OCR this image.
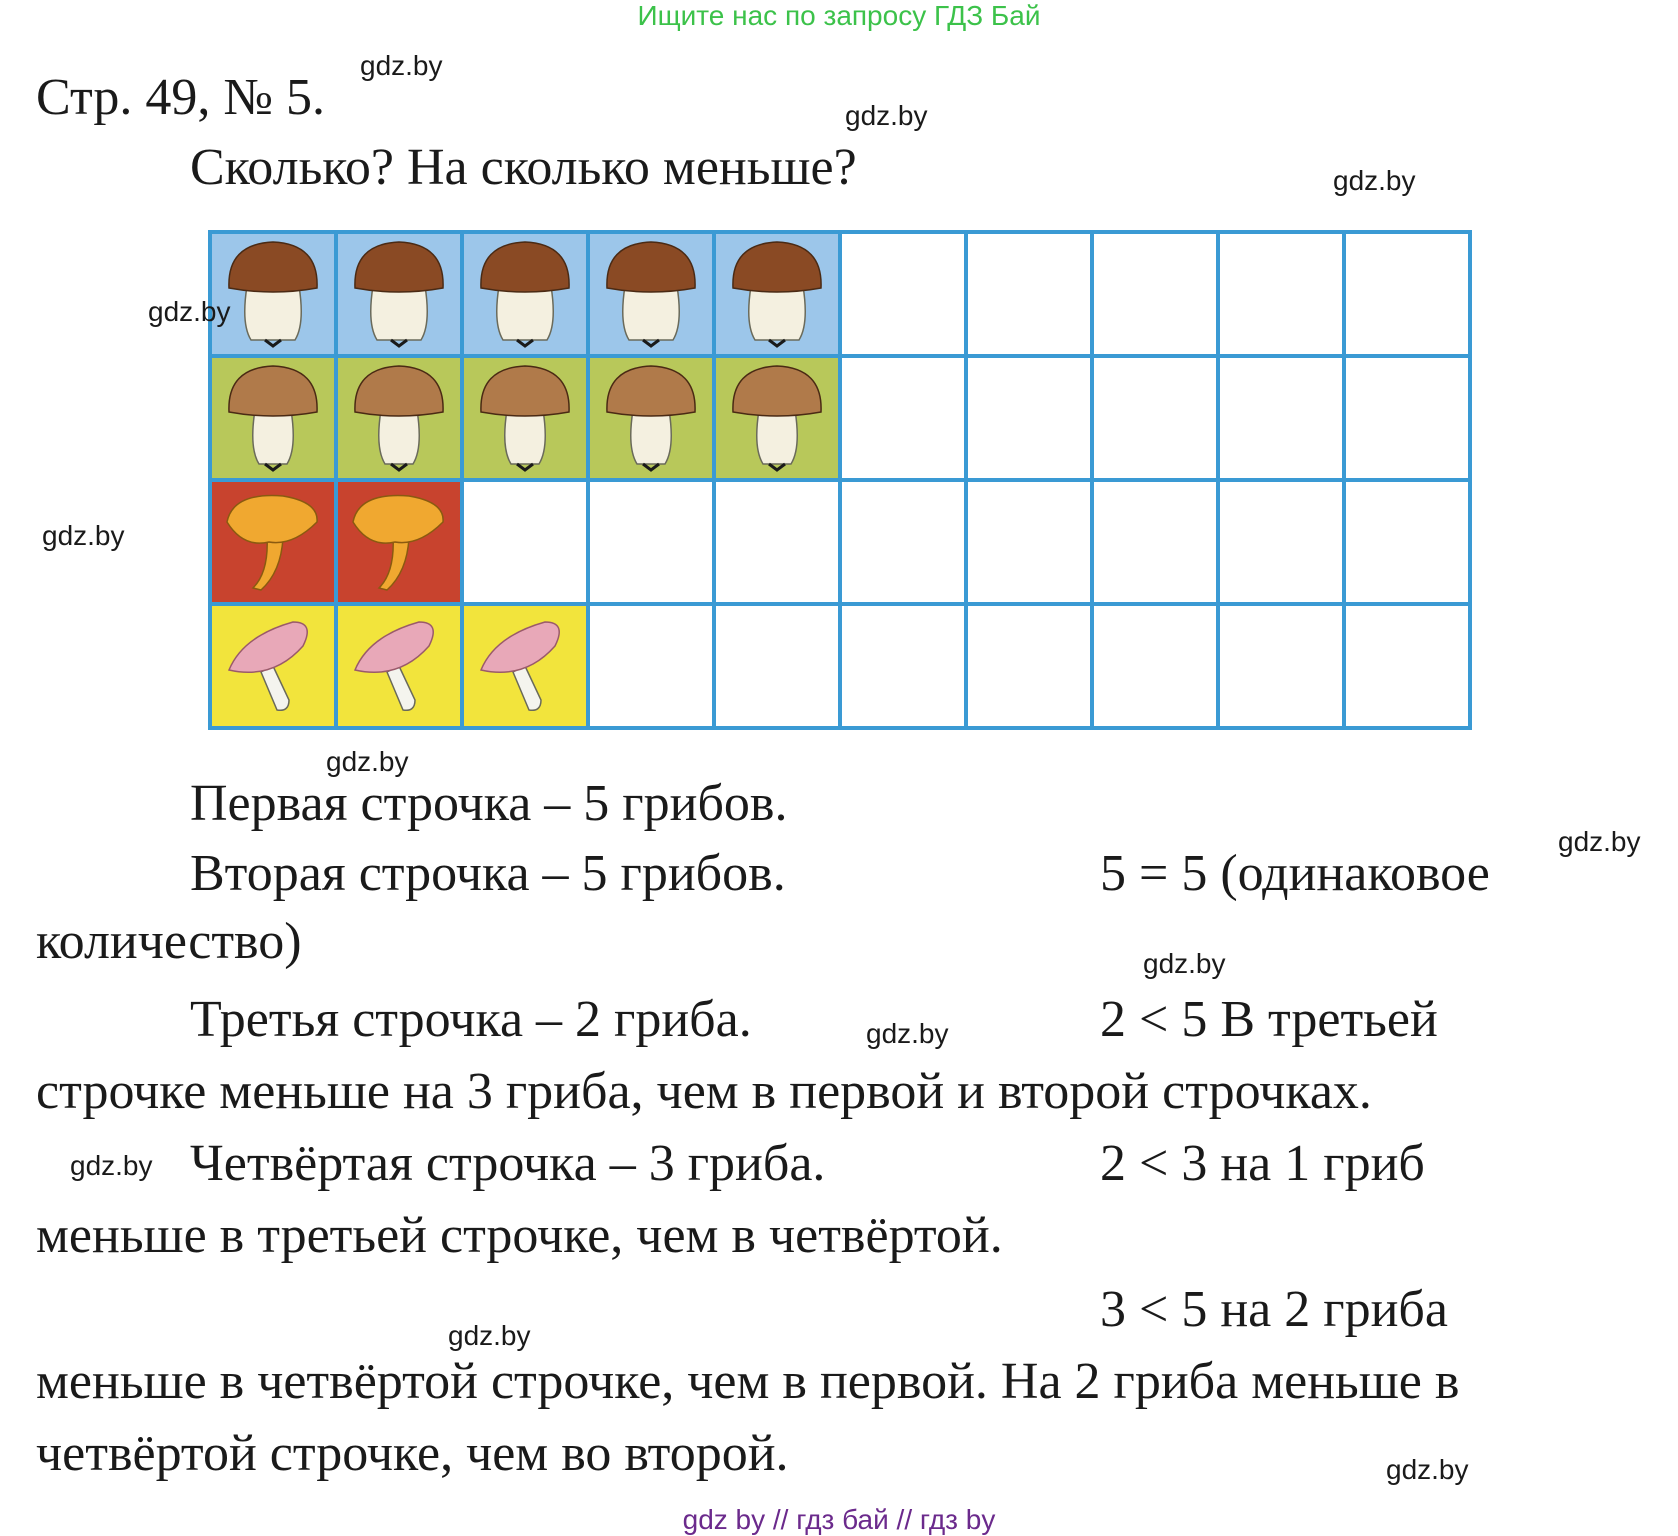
Ищите нас по запросу ГДЗ Бай
Стр. 49, № 5.
Сколько? На сколько меньше?
Первая строчка – 5 грибов.
Вторая строчка – 5 грибов.	5 = 5 (одинаковое
количество)
Третья строчка – 2 гриба.	2 < 5 В третьей
строчке меньше на 3 гриба, чем в первой и второй строчках.
Четвёртая строчка – 3 гриба.	2 < 3 на 1 гриб
меньше в третьей строчке, чем в четвёртой.
3 < 5 на 2 гриба
меньше в четвёртой строчке, чем в первой. На 2 гриба меньше в
четвёртой строчке, чем во второй.
gdz.by
gdz.by
gdz.by
gdz.by
gdz.by
gdz.by
gdz.by
gdz.by
gdz.by
gdz.by
gdz.by
gdz.by
gdz by // гдз бай // гдз by
